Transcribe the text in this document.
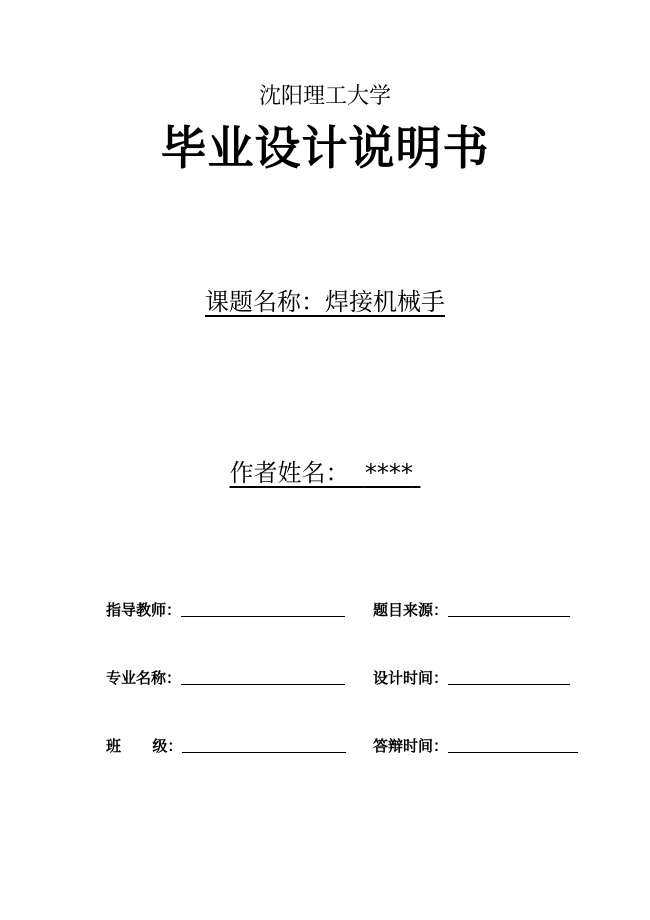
沈阳理工大学
毕业设计说明书
课题名称：焊接机械手
作者姓名： ****
指导教师：	题目来源：
专业名称：	设计时间：
班      级：	答辩时间：
